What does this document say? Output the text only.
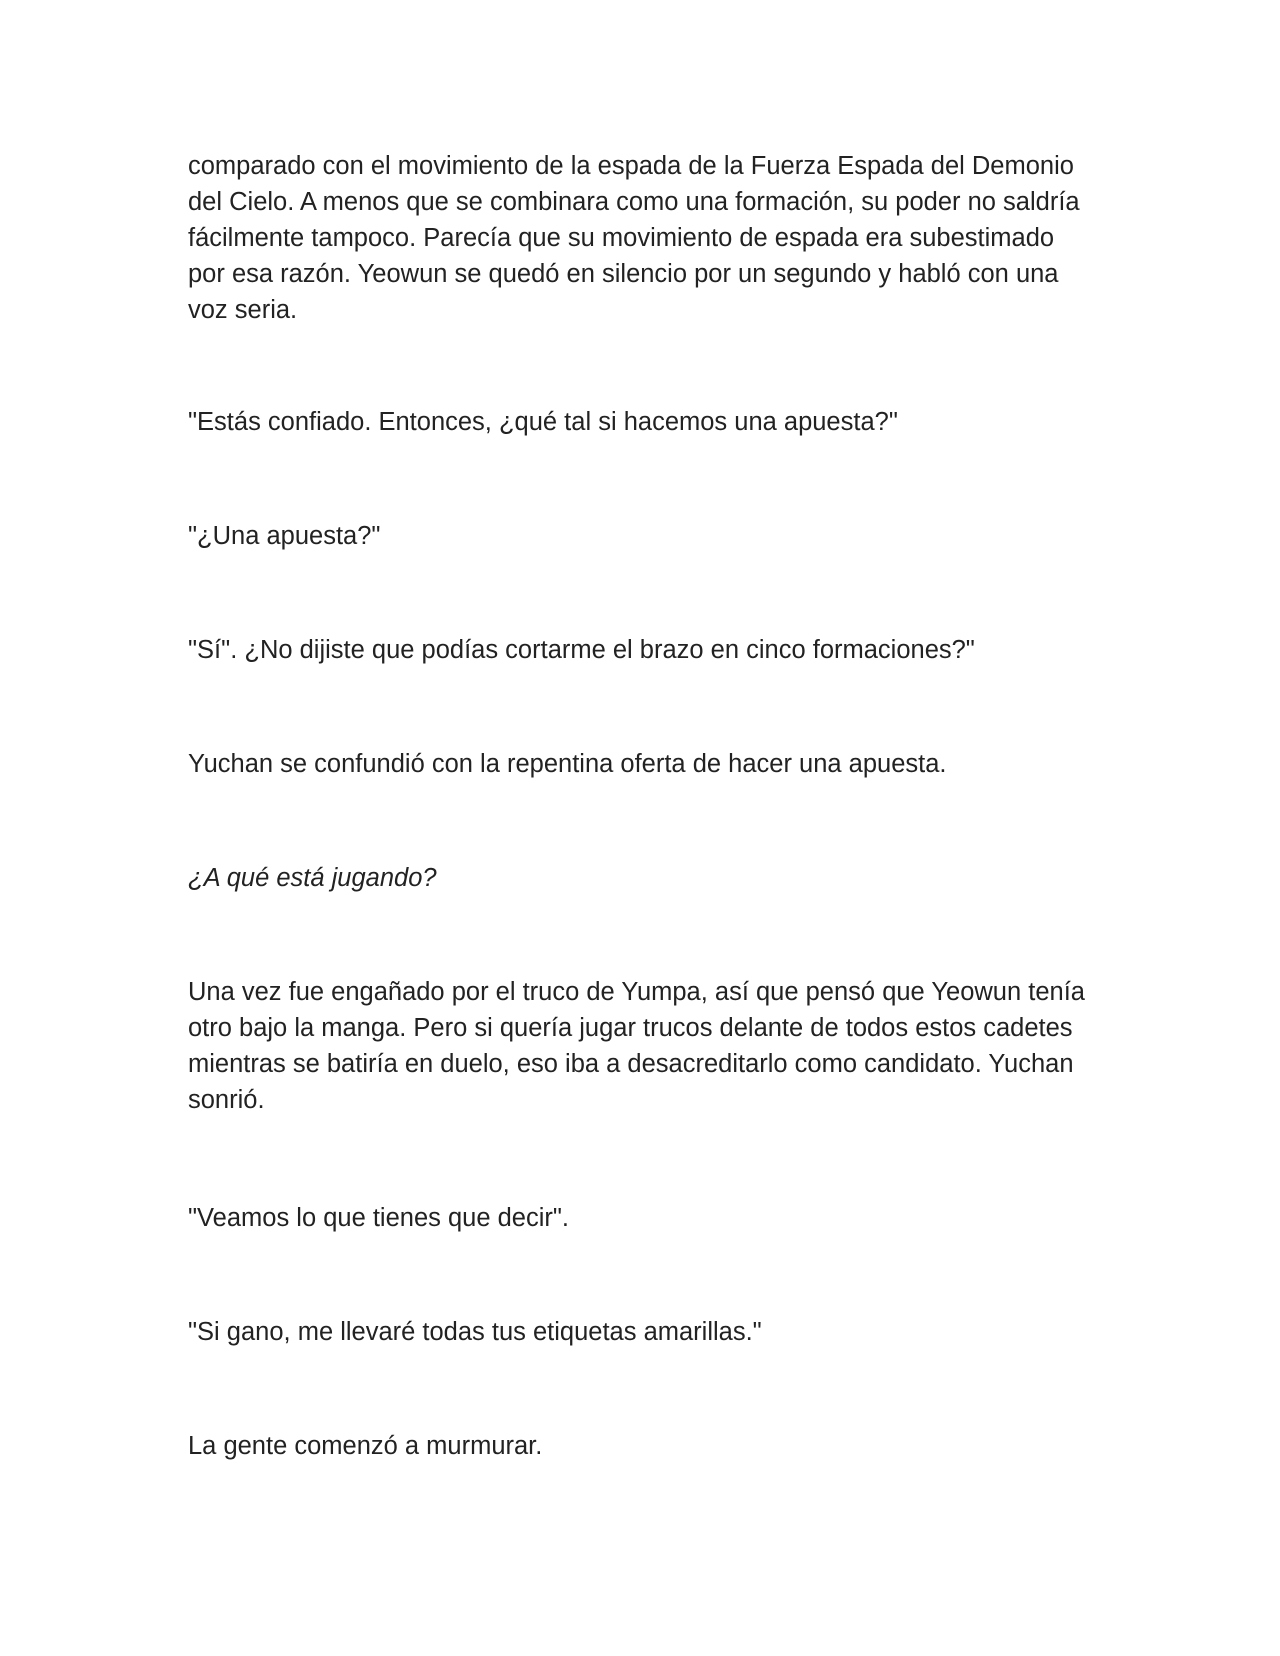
comparado con el movimiento de la espada de la Fuerza Espada del Demonio del Cielo. A menos que se combinara como una formación, su poder no saldría fácilmente tampoco. Parecía que su movimiento de espada era subestimado por esa razón. Yeowun se quedó en silencio por un segundo y habló con una voz seria.

"Estás confiado. Entonces, ¿qué tal si hacemos una apuesta?"

"¿Una apuesta?"

"Sí". ¿No dijiste que podías cortarme el brazo en cinco formaciones?"

Yuchan se confundió con la repentina oferta de hacer una apuesta.

¿A qué está jugando?

Una vez fue engañado por el truco de Yumpa, así que pensó que Yeowun tenía otro bajo la manga. Pero si quería jugar trucos delante de todos estos cadetes mientras se batiría en duelo, eso iba a desacreditarlo como candidato. Yuchan sonrió.

"Veamos lo que tienes que decir".

"Si gano, me llevaré todas tus etiquetas amarillas."

La gente comenzó a murmurar.
